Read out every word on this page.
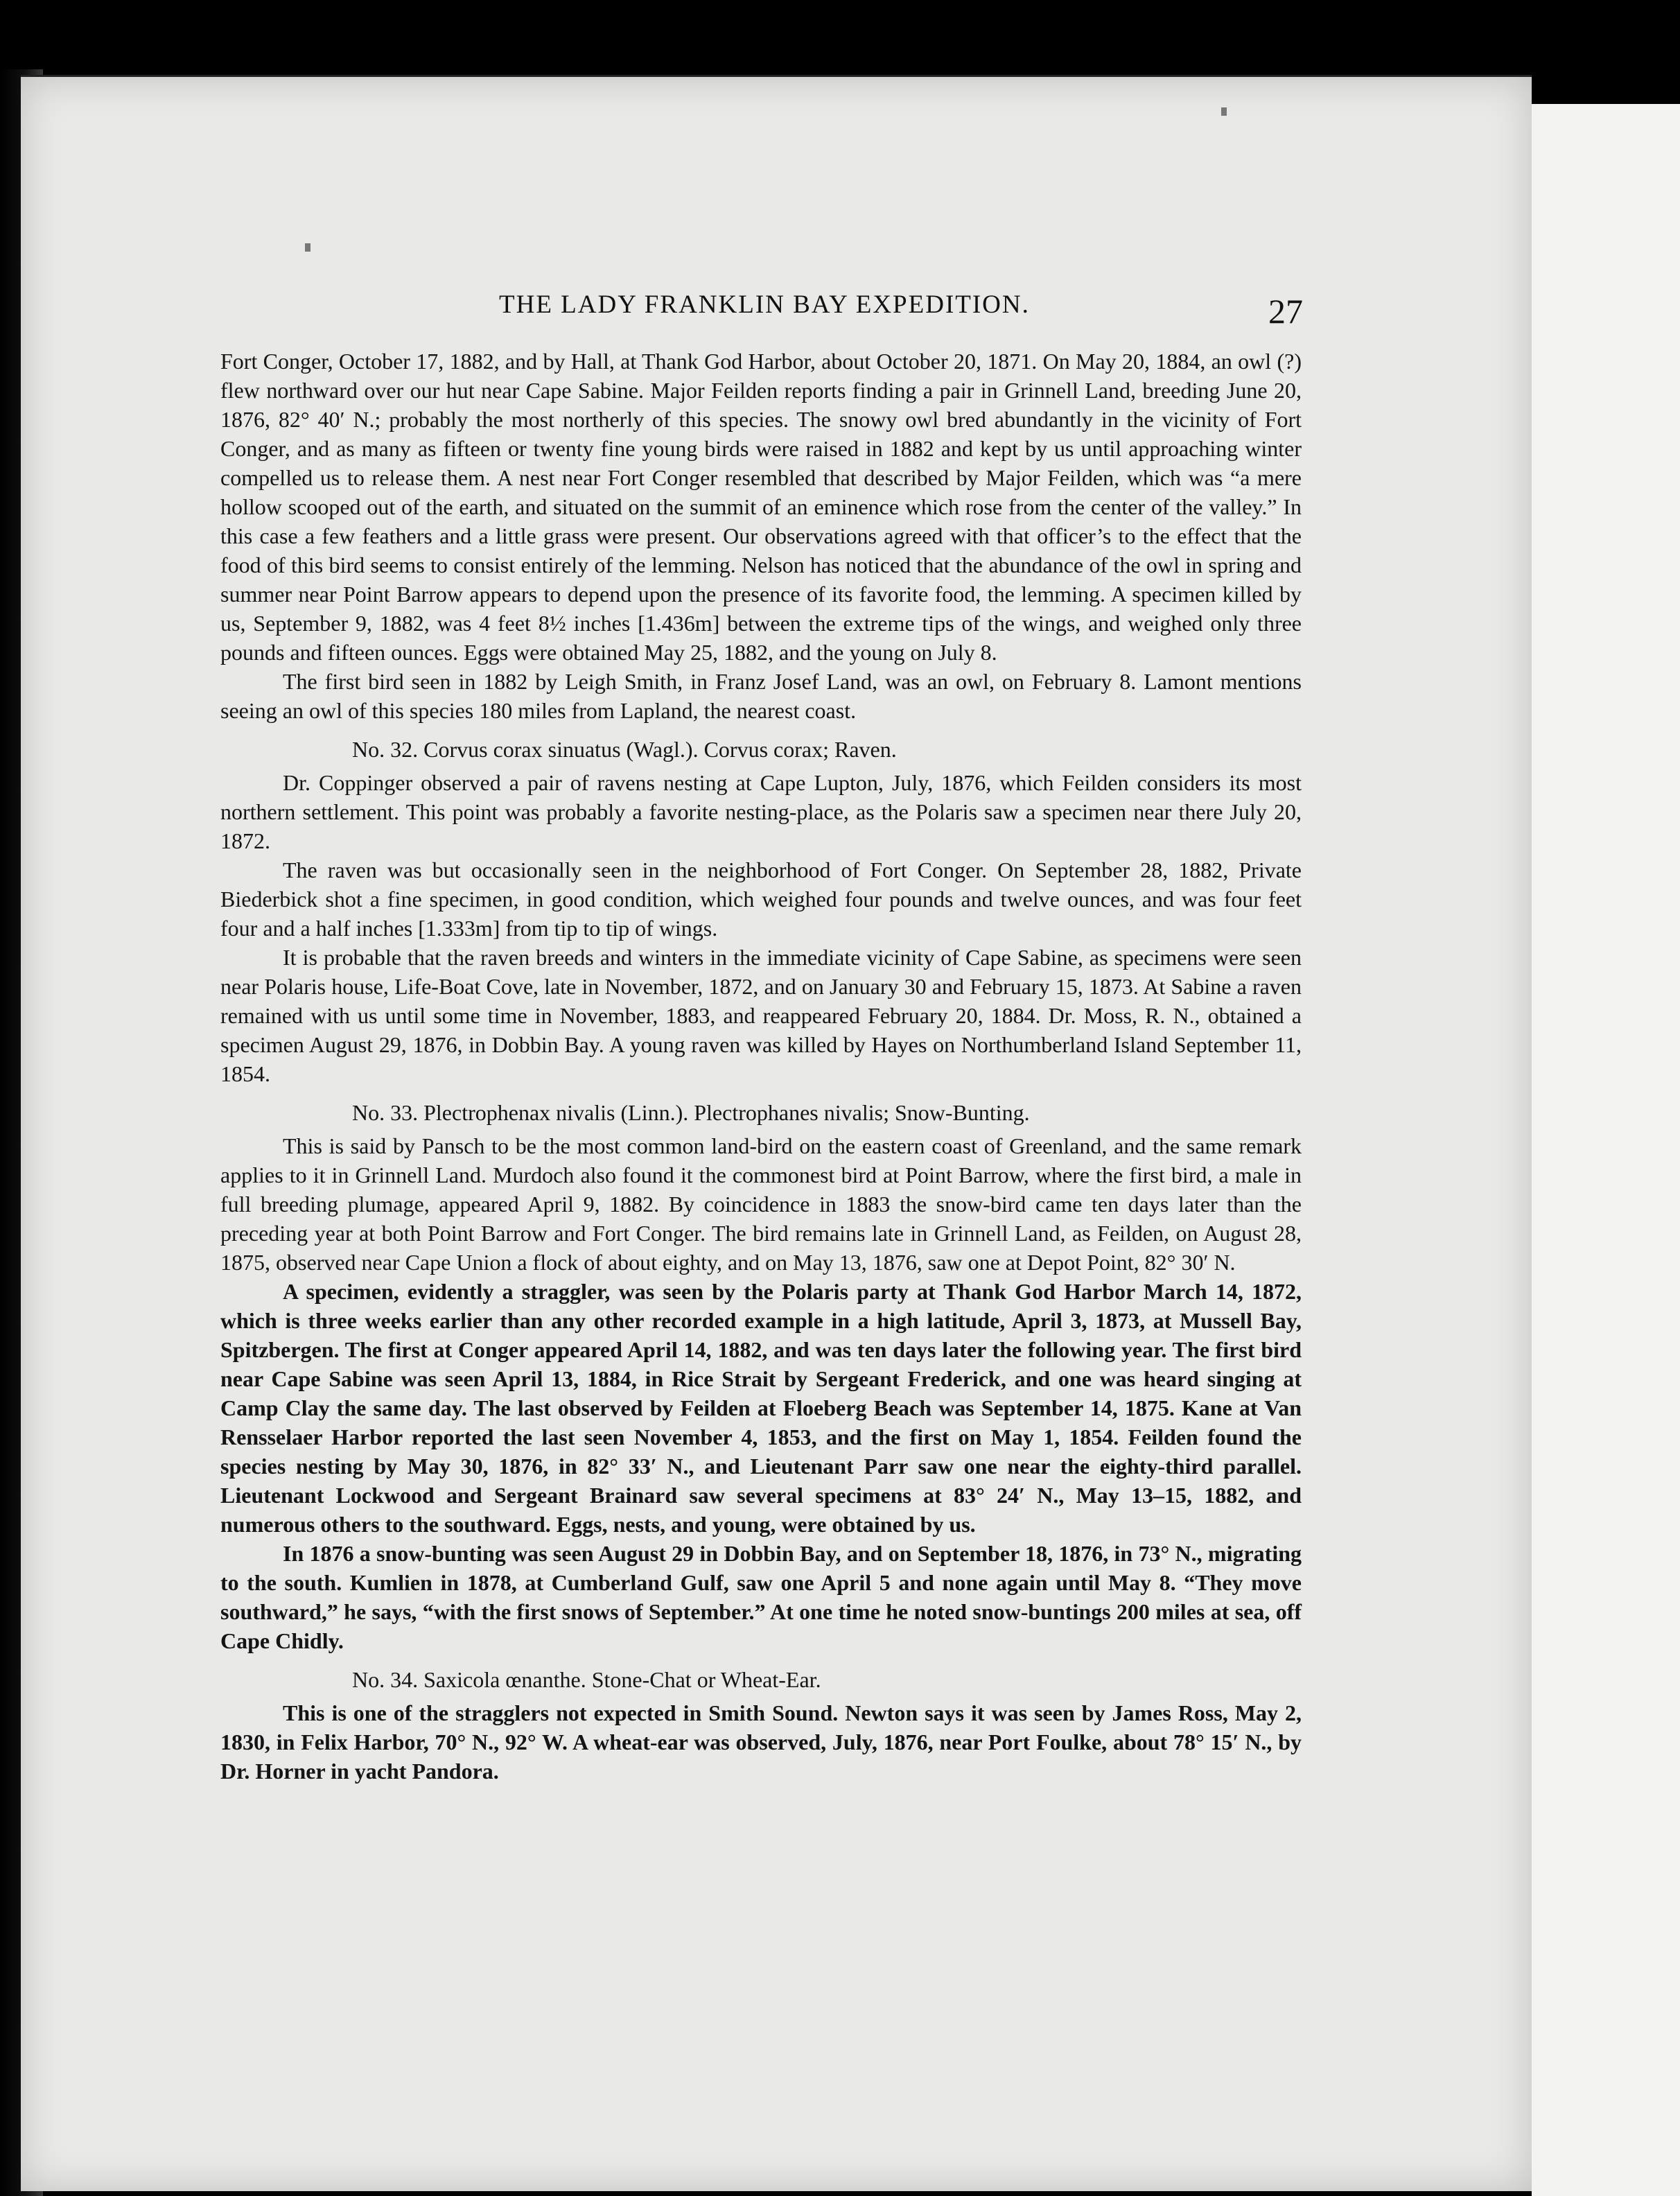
THE LADY FRANKLIN BAY EXPEDITION.	27

Fort Conger, October 17, 1882, and by Hall, at Thank God Harbor, about October 20, 1871. On May 20, 1884, an owl (?) flew northward over our hut near Cape Sabine. Major Feilden reports finding a pair in Grinnell Land, breeding June 20, 1876, 82° 40′ N.; probably the most northerly of this species. The snowy owl bred abundantly in the vicinity of Fort Conger, and as many as fifteen or twenty fine young birds were raised in 1882 and kept by us until approaching winter compelled us to release them. A nest near Fort Conger resembled that described by Major Feilden, which was “a mere hollow scooped out of the earth, and situated on the summit of an eminence which rose from the center of the valley.” In this case a few feathers and a little grass were present. Our observations agreed with that officer’s to the effect that the food of this bird seems to consist entirely of the lemming. Nelson has noticed that the abundance of the owl in spring and summer near Point Barrow appears to depend upon the presence of its favorite food, the lemming. A specimen killed by us, September 9, 1882, was 4 feet 8½ inches [1.436m] between the extreme tips of the wings, and weighed only three pounds and fifteen ounces. Eggs were obtained May 25, 1882, and the young on July 8.

The first bird seen in 1882 by Leigh Smith, in Franz Josef Land, was an owl, on February 8. Lamont mentions seeing an owl of this species 180 miles from Lapland, the nearest coast.

No. 32. Corvus corax sinuatus (Wagl.). Corvus corax; Raven.

Dr. Coppinger observed a pair of ravens nesting at Cape Lupton, July, 1876, which Feilden considers its most northern settlement. This point was probably a favorite nesting-place, as the Polaris saw a specimen near there July 20, 1872.

The raven was but occasionally seen in the neighborhood of Fort Conger. On September 28, 1882, Private Biederbick shot a fine specimen, in good condition, which weighed four pounds and twelve ounces, and was four feet four and a half inches [1.333m] from tip to tip of wings.

It is probable that the raven breeds and winters in the immediate vicinity of Cape Sabine, as specimens were seen near Polaris house, Life-Boat Cove, late in November, 1872, and on January 30 and February 15, 1873. At Sabine a raven remained with us until some time in November, 1883, and reappeared February 20, 1884. Dr. Moss, R. N., obtained a specimen August 29, 1876, in Dobbin Bay. A young raven was killed by Hayes on Northumberland Island September 11, 1854.

No. 33. Plectrophenax nivalis (Linn.). Plectrophanes nivalis; Snow-Bunting.

This is said by Pansch to be the most common land-bird on the eastern coast of Greenland, and the same remark applies to it in Grinnell Land. Murdoch also found it the commonest bird at Point Barrow, where the first bird, a male in full breeding plumage, appeared April 9, 1882. By coincidence in 1883 the snow-bird came ten days later than the preceding year at both Point Barrow and Fort Conger. The bird remains late in Grinnell Land, as Feilden, on August 28, 1875, observed near Cape Union a flock of about eighty, and on May 13, 1876, saw one at Depot Point, 82° 30′ N.

A specimen, evidently a straggler, was seen by the Polaris party at Thank God Harbor March 14, 1872, which is three weeks earlier than any other recorded example in a high latitude, April 3, 1873, at Mussell Bay, Spitzbergen. The first at Conger appeared April 14, 1882, and was ten days later the following year. The first bird near Cape Sabine was seen April 13, 1884, in Rice Strait by Sergeant Frederick, and one was heard singing at Camp Clay the same day. The last observed by Feilden at Floeberg Beach was September 14, 1875. Kane at Van Rensselaer Harbor reported the last seen November 4, 1853, and the first on May 1, 1854. Feilden found the species nesting by May 30, 1876, in 82° 33′ N., and Lieutenant Parr saw one near the eighty-third parallel. Lieutenant Lockwood and Sergeant Brainard saw several specimens at 83° 24′ N., May 13–15, 1882, and numerous others to the southward. Eggs, nests, and young, were obtained by us.

In 1876 a snow-bunting was seen August 29 in Dobbin Bay, and on September 18, 1876, in 73° N., migrating to the south. Kumlien in 1878, at Cumberland Gulf, saw one April 5 and none again until May 8. “They move southward,” he says, “with the first snows of September.” At one time he noted snow-buntings 200 miles at sea, off Cape Chidly.

No. 34. Saxicola œnanthe. Stone-Chat or Wheat-Ear.

This is one of the stragglers not expected in Smith Sound. Newton says it was seen by James Ross, May 2, 1830, in Felix Harbor, 70° N., 92° W. A wheat-ear was observed, July, 1876, near Port Foulke, about 78° 15′ N., by Dr. Horner in yacht Pandora.
